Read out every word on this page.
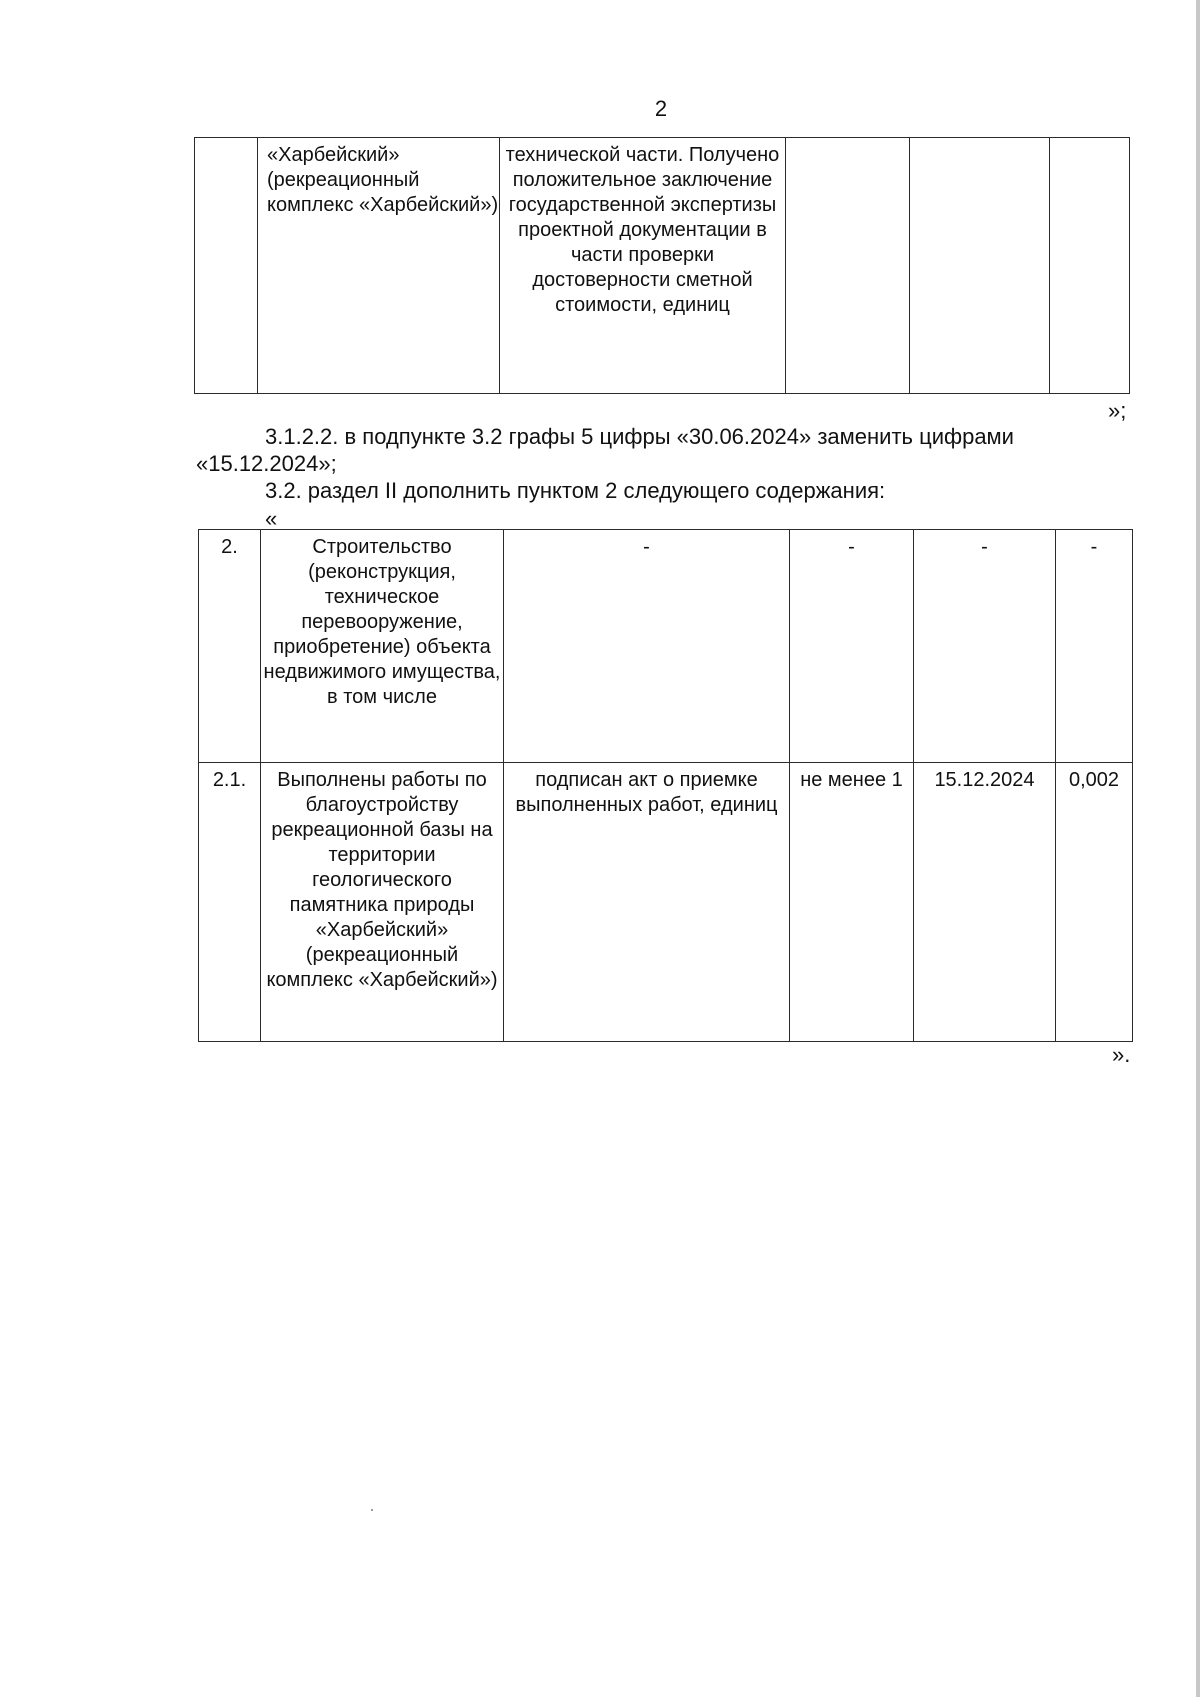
2
	«Харбейский» (рекреационный комплекс «Харбейский»)	технической части. Получено положительное заключение государственной экспертизы проектной документации в части проверки достоверности сметной стоимости, единиц			
»;
3.1.2.2. в подпункте 3.2 графы 5 цифры «30.06.2024» заменить цифрами
«15.12.2024»;
3.2. раздел II дополнить пунктом 2 следующего содержания:
«
2.	Строительство (реконструкция, техническое перевооружение, приобретение) объекта недвижимого имущества, в том числе	-	-	-	-
2.1.	Выполнены работы по благоустройству рекреационной базы на территории геологического памятника природы «Харбейский» (рекреационный комплекс «Харбейский»)	подписан акт о приемке выполненных работ, единиц	не менее 1	15.12.2024	0,002
».
